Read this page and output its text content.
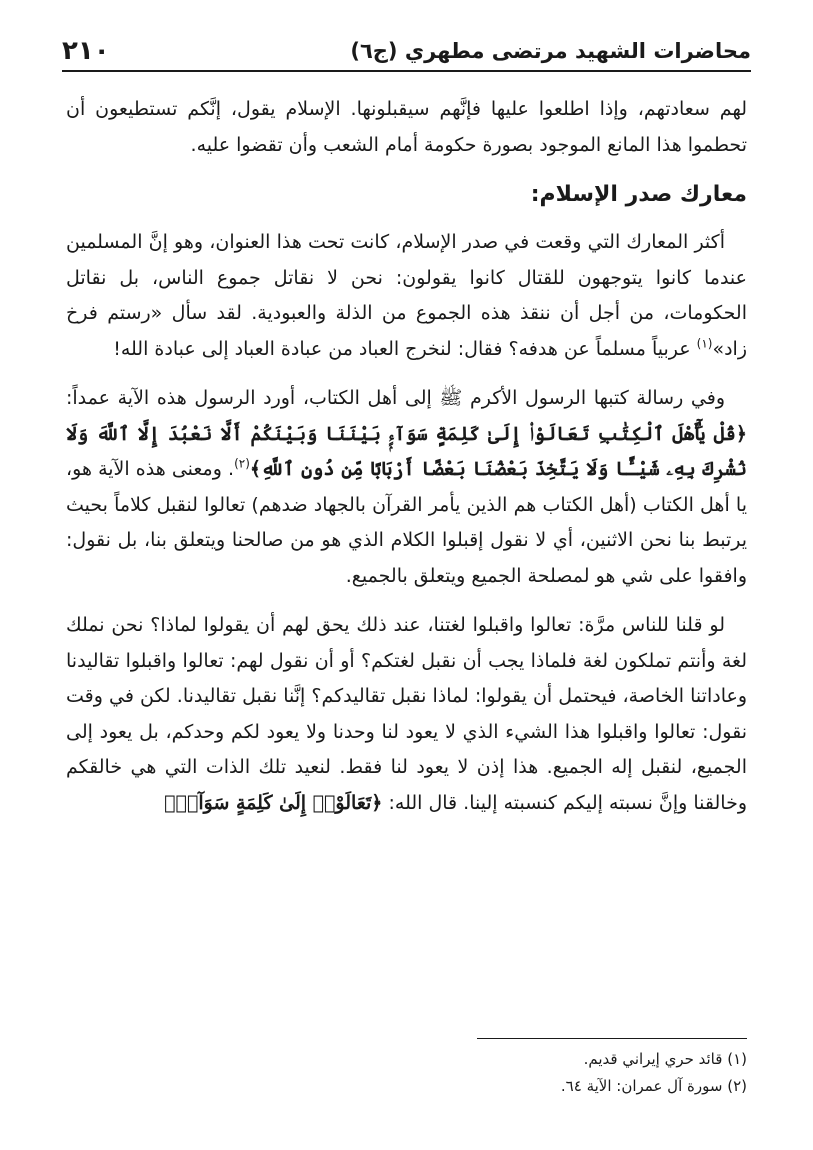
محاضرات الشهيد مرتضى مطهري (ج٦)
٢١٠

لهم سعادتهم، وإذا اطلعوا عليها فإنَّهم سيقبلونها. الإسلام يقول، إنَّكم تستطيعون أن تحطموا هذا المانع الموجود بصورة حكومة أمام الشعب وأن تقضوا عليه.

معارك صدر الإسلام:

أكثر المعارك التي وقعت في صدر الإسلام، كانت تحت هذا العنوان، وهو إنَّ المسلمين عندما كانوا يتوجهون للقتال كانوا يقولون: نحن لا نقاتل جموع الناس، بل نقاتل الحكومات، من أجل أن ننقذ هذه الجموع من الذلة والعبودية. لقد سأل «رستم فرخ زاد»$^{(١)}$ عربياً مسلماً عن هدفه؟ فقال: لنخرج العباد من عبادة العباد إلى عبادة الله!

وفي رسالة كتبها الرسول الأكرم ﷺ إلى أهل الكتاب، أورد الرسول هذه الآية عمداً: ﴿قُلْ يَٰٓأَهْلَ ٱلْكِتَٰبِ تَعَالَوْا۟ إِلَىٰ كَلِمَةٍ سَوَآءٍۭ بَيْنَنَا وَبَيْنَكُمْ أَلَّا نَعْبُدَ إِلَّا ٱللَّهَ وَلَا نُشْرِكَ بِهِۦ شَيْـًٔا وَلَا يَتَّخِذَ بَعْضُنَا بَعْضًا أَرْبَابًا مِّن دُونِ ٱللَّهِ﴾$^{(٢)}$. ومعنى هذه الآية هو، يا أهل الكتاب (أهل الكتاب هم الذين يأمر القرآن بالجهاد ضدهم) تعالوا لنقبل كلاماً بحيث يرتبط بنا نحن الاثنين، أي لا نقول إقبلوا الكلام الذي هو من صالحنا ويتعلق بنا، بل نقول: وافقوا على شي هو لمصلحة الجميع ويتعلق بالجميع.

لو قلنا للناس مرَّة: تعالوا واقبلوا لغتنا، عند ذلك يحق لهم أن يقولوا لماذا؟ نحن نملك لغة وأنتم تملكون لغة فلماذا يجب أن نقبل لغتكم؟ أو أن نقول لهم: تعالوا واقبلوا تقاليدنا وعاداتنا الخاصة، فيحتمل أن يقولوا: لماذا نقبل تقاليدكم؟ إنَّنا نقبل تقاليدنا. لكن في وقت نقول: تعالوا واقبلوا هذا الشيء الذي لا يعود لنا وحدنا ولا يعود لكم وحدكم، بل يعود إلى الجميع، لنقبل إله الجميع. هذا إذن لا يعود لنا فقط. لنعيد تلك الذات التي هي خالقكم وخالقنا وإنَّ نسبته إليكم كنسبته إلينا. قال الله: ﴿تَعَالَوْا۟ إِلَىٰ كَلِمَةٍ سَوَآءٍۭ

(١) قائد حري إيراني قديم.
(٢) سورة آل عمران: الآية ٦٤.
